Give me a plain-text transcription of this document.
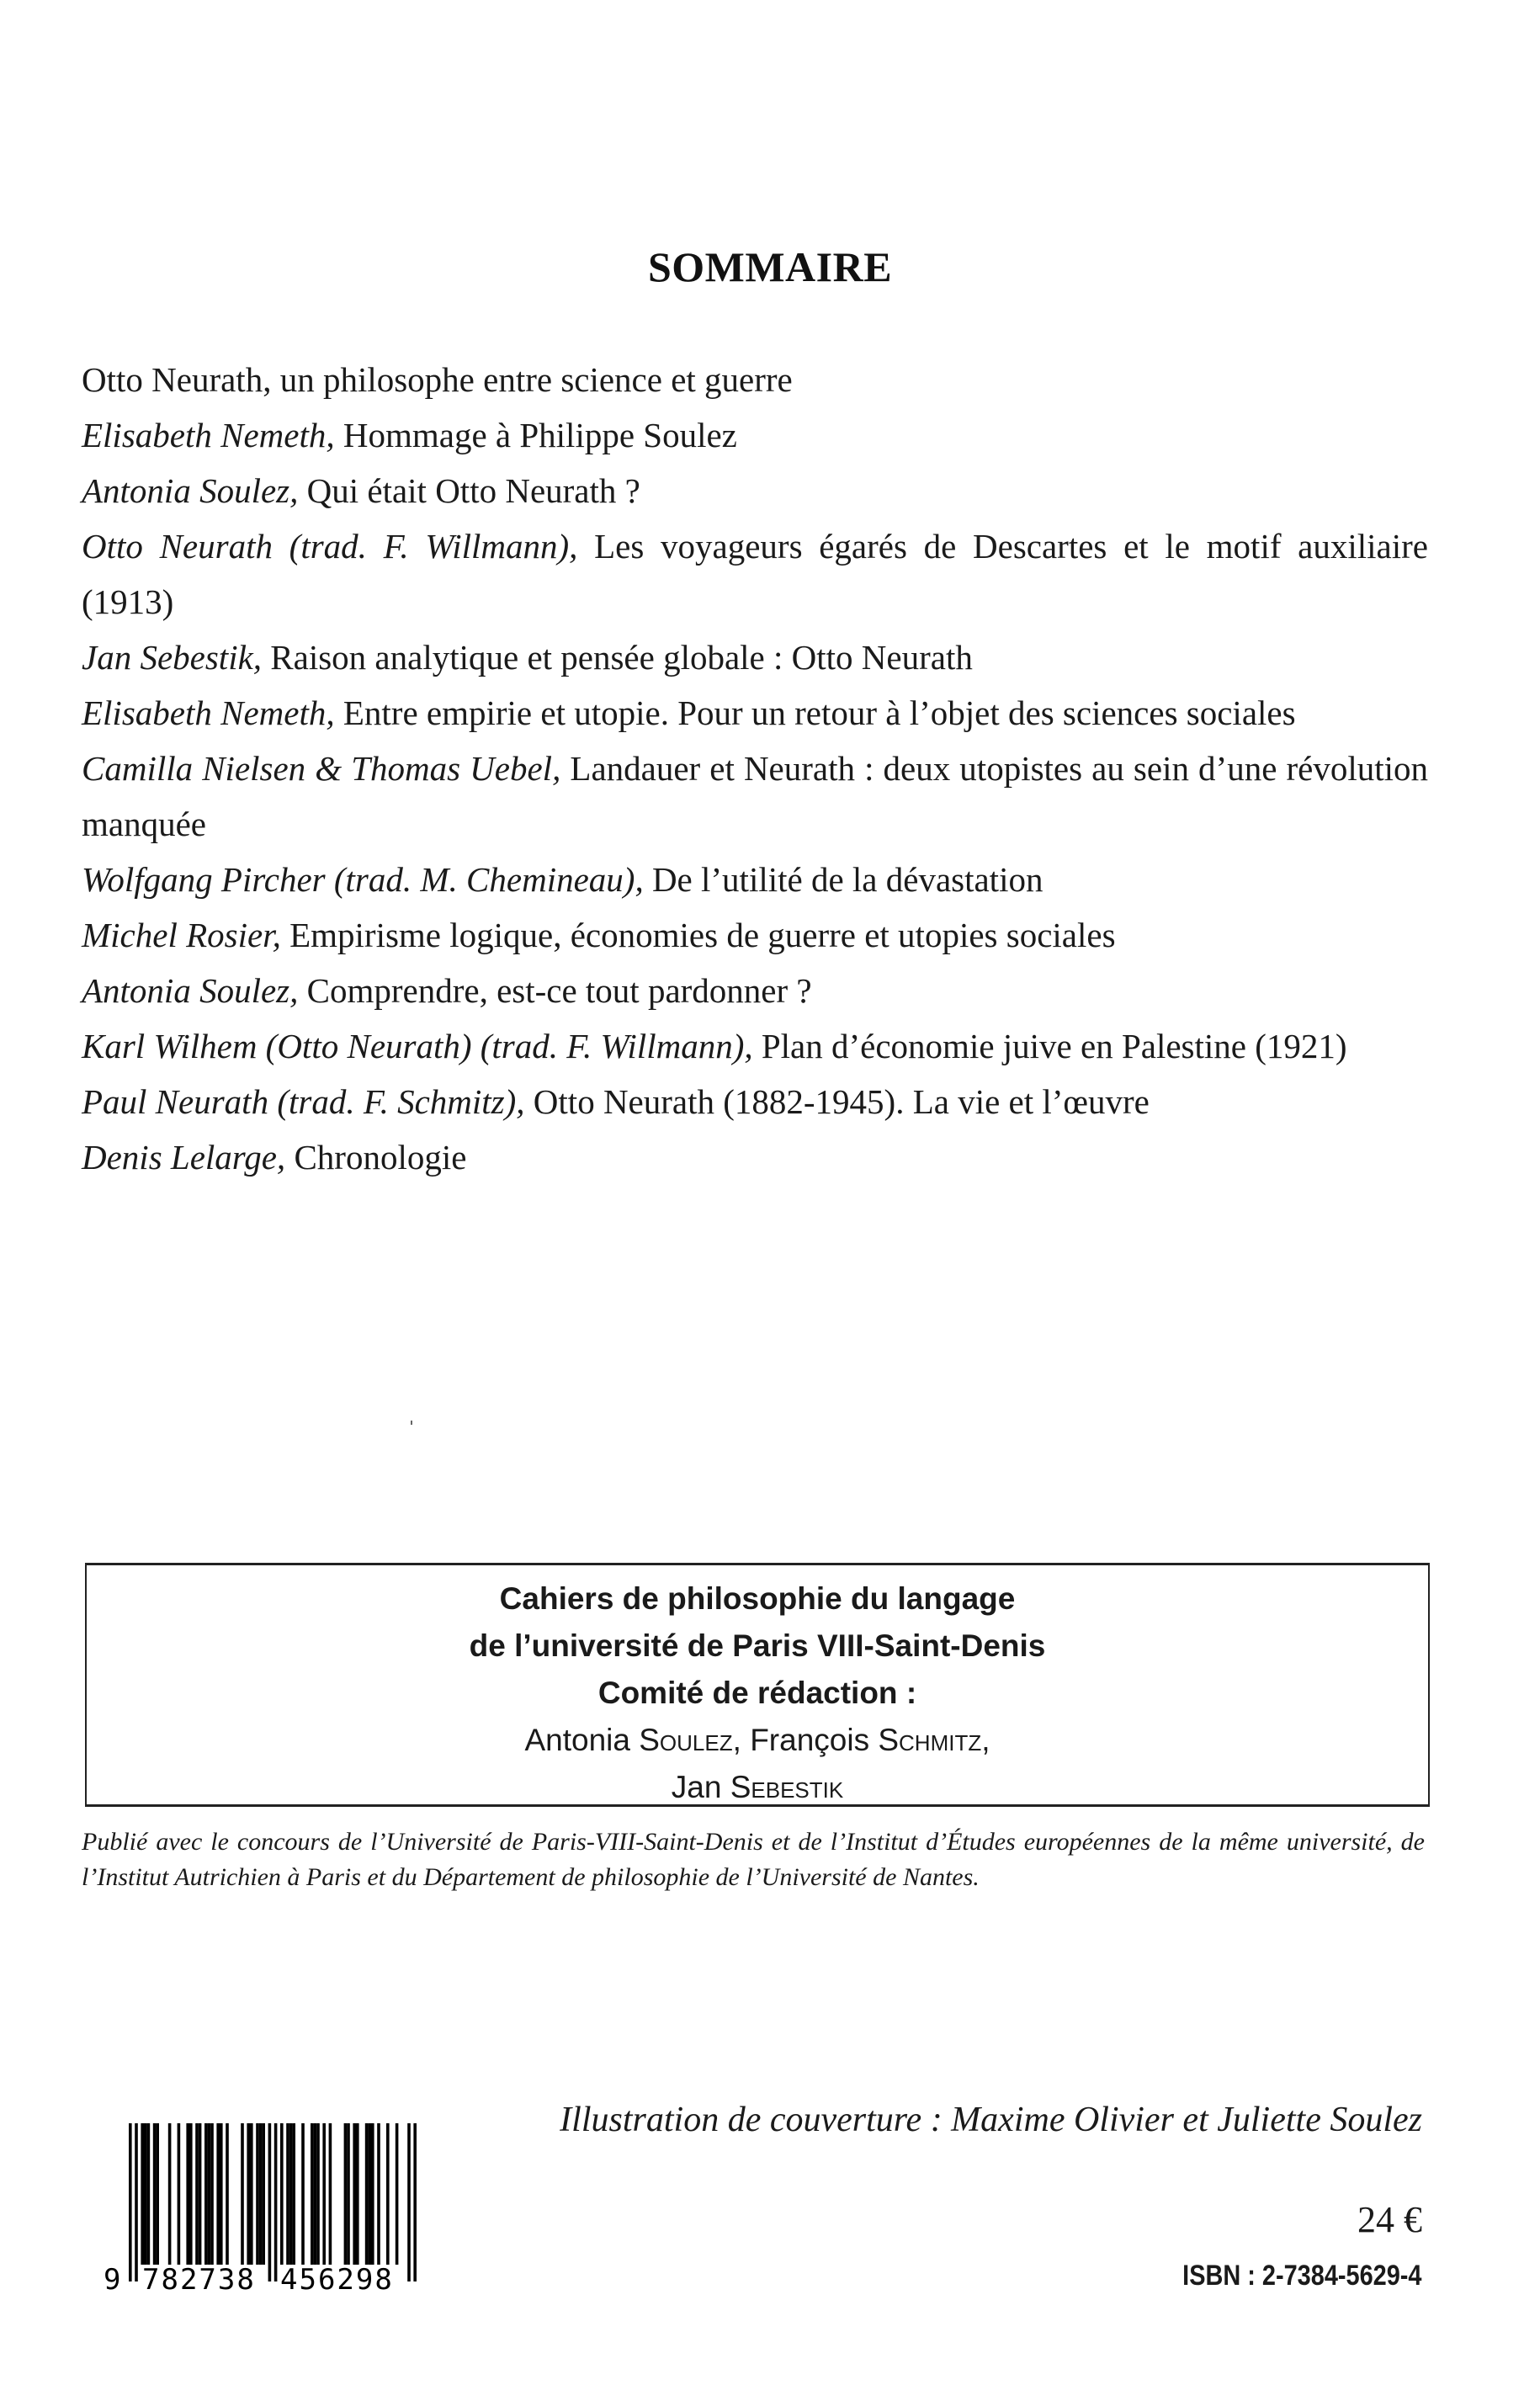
SOMMAIRE
Otto Neurath, un philosophe entre science et guerre
Elisabeth Nemeth, Hommage à Philippe Soulez
Antonia Soulez, Qui était Otto Neurath ?
Otto Neurath (trad. F. Willmann), Les voyageurs égarés de Descartes et le motif auxiliaire (1913)
Jan Sebestik, Raison analytique et pensée globale : Otto Neurath
Elisabeth Nemeth, Entre empirie et utopie. Pour un retour à l’objet des sciences sociales
Camilla Nielsen & Thomas Uebel, Landauer et Neurath : deux utopistes au sein d’une révolution manquée
Wolfgang Pircher (trad. M. Chemineau), De l’utilité de la dévastation
Michel Rosier, Empirisme logique, économies de guerre et utopies sociales
Antonia Soulez, Comprendre, est-ce tout pardonner ?
Karl Wilhem (Otto Neurath) (trad. F. Willmann), Plan d’économie juive en Palestine (1921)
Paul Neurath (trad. F. Schmitz), Otto Neurath (1882-1945). La vie et l’œuvre
Denis Lelarge, Chronologie
Cahiers de philosophie du langage
de l’université de Paris VIII-Saint-Denis
Comité de rédaction :
Antonia Soulez, François Schmitz,
Jan Sebestik

Publié avec le concours de l’Université de Paris-VIII-Saint-Denis et de l’Institut d’Études européennes de la même université, de l’Institut Autrichien à Paris et du Département de philosophie de l’Université de Nantes.

9 782738 456298
Illustration de couverture : Maxime Olivier et Juliette Soulez
24 €
ISBN : 2-7384-5629-4
